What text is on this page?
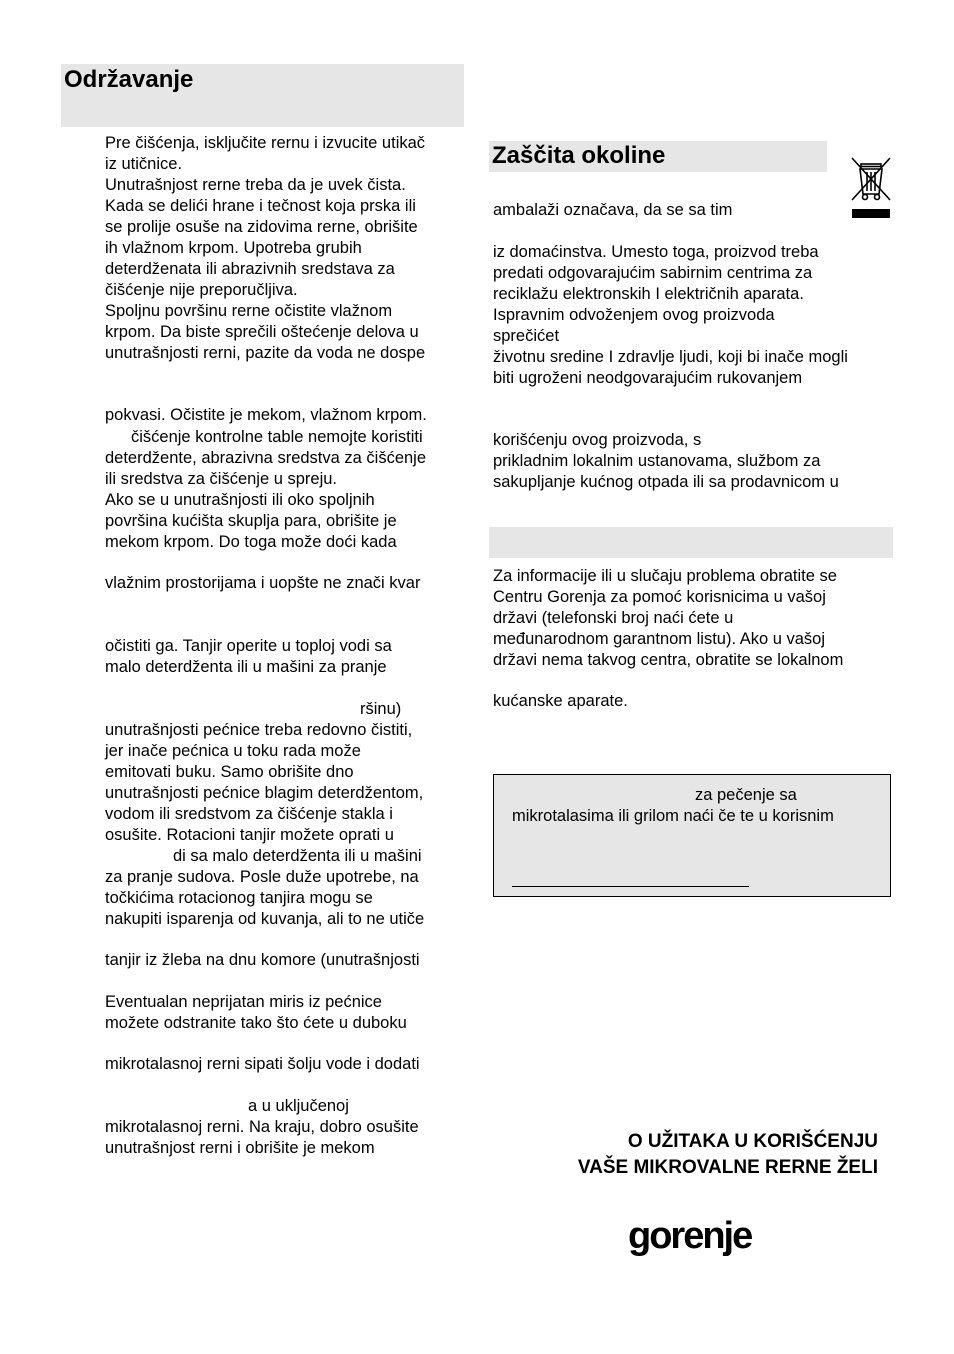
Održavanje
Pre čišćenja, isključite rernu i izvucite utikač
iz utičnice.
Unutrašnjost rerne treba da je uvek čista.
Kada se delići hrane i tečnost koja prska ili
se prolije osuše na zidovima rerne, obrišite
ih vlažnom krpom. Upotreba grubih
deterdženata ili abrazivnih sredstava za
čišćenje nije preporučljiva.
Spoljnu površinu rerne očistite vlažnom
krpom. Da biste sprečili oštećenje delova u
unutrašnjosti rerni, pazite da voda ne dospe
pokvasi. Očistite je mekom, vlažnom krpom.
čišćenje kontrolne table nemojte koristiti
deterdžente, abrazivna sredstva za čišćenje
ili sredstva za čišćenje u spreju.
Ako se u unutrašnjosti ili oko spoljnih
površina kućišta skuplja para, obrišite je
mekom krpom. Do toga može doći kada
vlažnim prostorijama i uopšte ne znači kvar
očistiti ga. Tanjir operite u toploj vodi sa
malo deterdženta ili u mašini za pranje
ršinu)
unutrašnjosti pećnice treba redovno čistiti,
jer inače pećnica u toku rada može
emitovati buku. Samo obrišite dno
unutrašnjosti pećnice blagim deterdžentom,
vodom ili sredstvom za čišćenje stakla i
osušite. Rotacioni tanjir možete oprati u
di sa malo deterdženta ili u mašini
za pranje sudova. Posle duže upotrebe, na
točkićima rotacionog tanjira mogu se
nakupiti isparenja od kuvanja, ali to ne utiče
tanjir iz žleba na dnu komore (unutrašnjosti
Eventualan neprijatan miris iz pećnice
možete odstranite tako što ćete u duboku
mikrotalasnoj rerni sipati šolju vode i dodati
a u uključenoj
mikrotalasnoj rerni. Na kraju, dobro osušite
unutrašnjost rerni i obrišite je mekom
Zaščita okoline
ambalaži označava, da se sa tim
iz domaćinstva. Umesto toga, proizvod treba
predati odgovarajućim sabirnim centrima za
reciklažu elektronskih I električnih aparata.
Ispravnim odvoženjem ovog proizvoda
sprečićet
životnu sredine I zdravlje ljudi, koji bi inače mogli
biti ugroženi neodgovarajućim rukovanjem
korišćenju ovog proizvoda, s
prikladnim lokalnim ustanovama, službom za
sakupljanje kućnog otpada ili sa prodavnicom u
Za informacije ili u slučaju problema obratite se
Centru Gorenja za pomoć korisnicima u vašoj
državi (telefonski broj naći ćete u
međunarodnom garantnom listu). Ako u vašoj
državi nema takvog centra, obratite se lokalnom
kućanske aparate.
za pečenje sa
mikrotalasima ili grilom naći če te u korisnim
O UŽITAKA U KORIŠĆENJU
VAŠE MIKROVALNE RERNE ŽELI
gorenje
